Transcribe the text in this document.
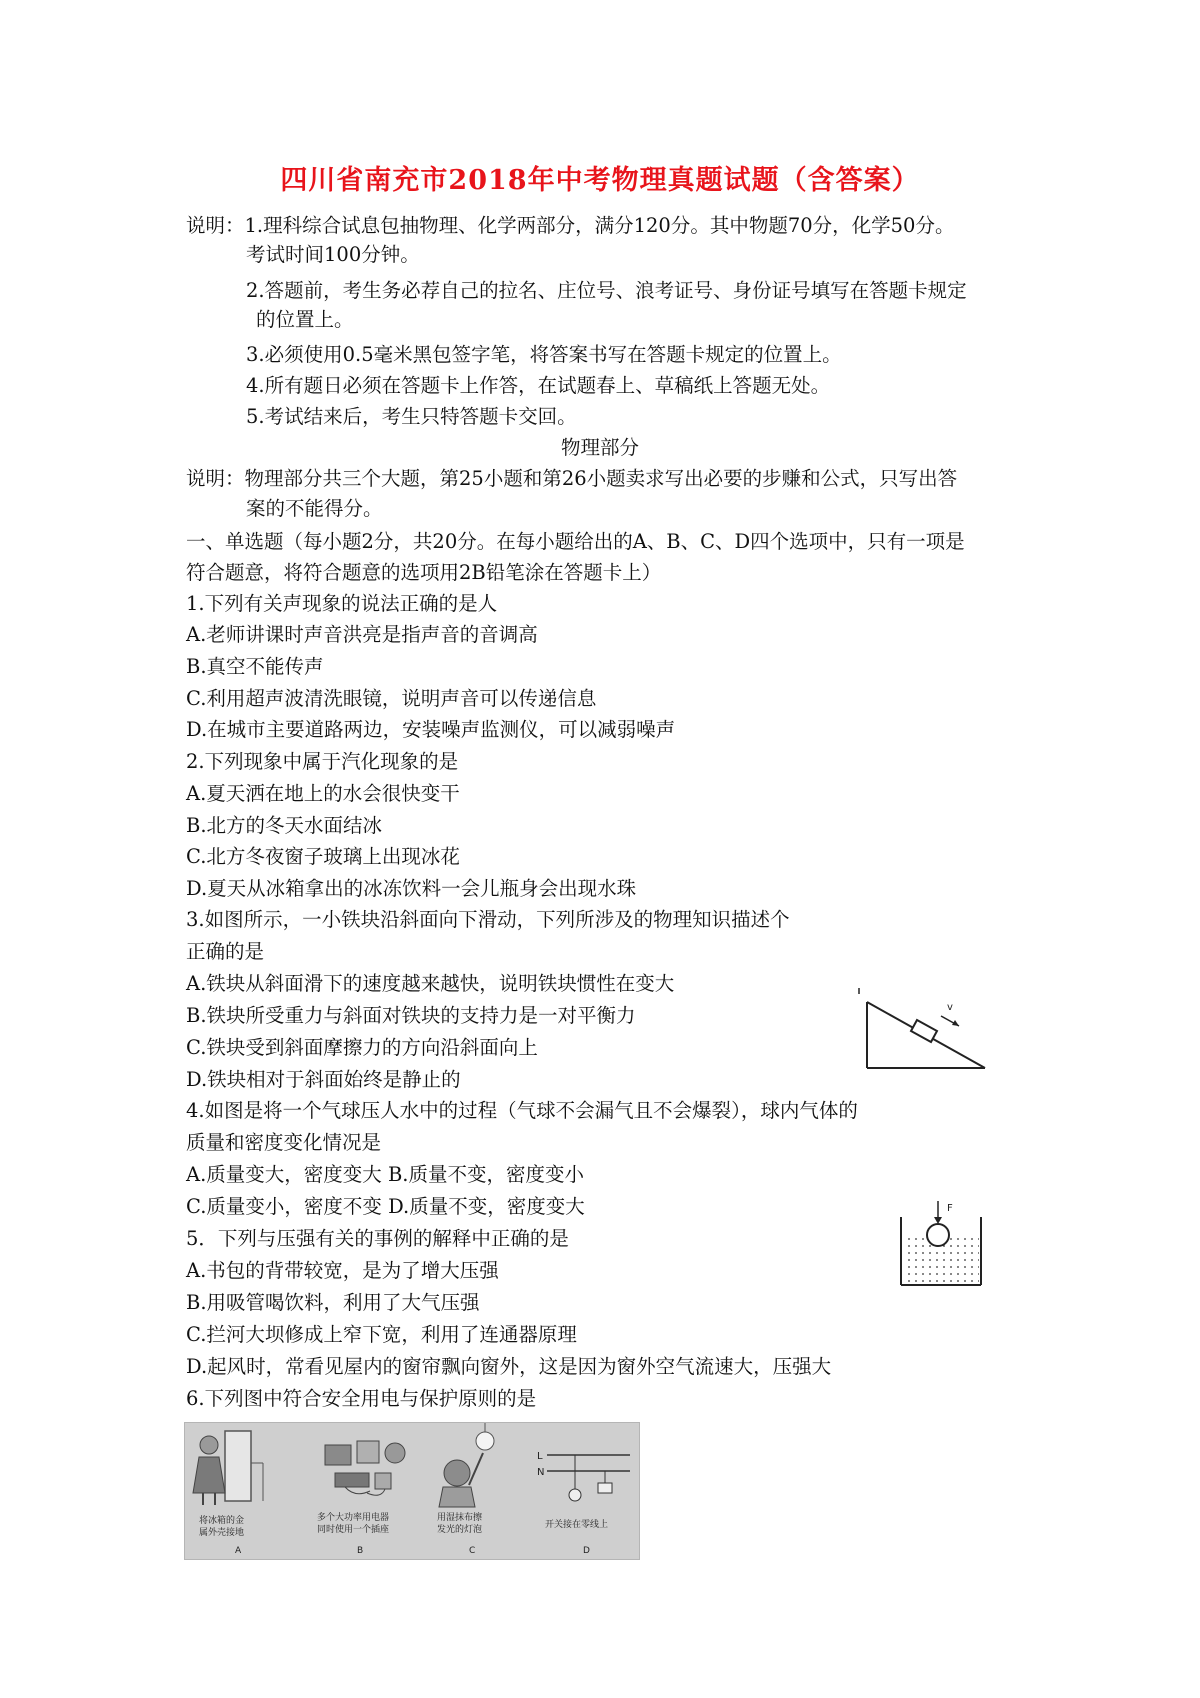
四川省南充市2018年中考物理真题试题（含答案）
说明：1.理科综合试息包抽物理、化学两部分，满分120分。其中物题70分，化学50分。
考试时间100分钟。
2.答题前，考生务必荐自己的拉名、庄位号、浪考证号、身份证号填写在答题卡规定
的位置上。
3.必须使用0.5毫米黑包签字笔，将答案书写在答题卡规定的位置上。
4.所有题日必须在答题卡上作答，在试题春上、草稿纸上答题无处。
5.考试结来后，考生只特答题卡交回。
物理部分
说明：物理部分共三个大题，第25小题和第26小题卖求写出必要的步赚和公式，只写出答
案的不能得分。
一、单选题（每小题2分，共20分。在每小题给出的A、B、C、D四个选项中，只有一项是
符合题意，将符合题意的选项用2B铅笔涂在答题卡上）
1.下列有关声现象的说法正确的是人
A.老师讲课时声音洪亮是指声音的音调高
B.真空不能传声
C.利用超声波清洗眼镜，说明声音可以传递信息
D.在城市主要道路两边，安装噪声监测仪，可以减弱噪声
2.下列现象中属于汽化现象的是
A.夏天洒在地上的水会很快变干
B.北方的冬天水面结冰
C.北方冬夜窗子玻璃上出现冰花
D.夏天从冰箱拿出的冰冻饮料一会儿瓶身会出现水珠
3.如图所示，一小铁块沿斜面向下滑动，下列所涉及的物理知识描述个
正确的是
A.铁块从斜面滑下的速度越来越快，说明铁块惯性在变大
B.铁块所受重力与斜面对铁块的支持力是一对平衡力
C.铁块受到斜面摩擦力的方向沿斜面向上
D.铁块相对于斜面始终是静止的
v
4.如图是将一个气球压人水中的过程（气球不会漏气且不会爆裂），球内气体的
质量和密度变化情况是
A.质量变大，密度变大 B.质量不变，密度变小
C.质量变小，密度不变 D.质量不变，密度变大	F
5．下列与压强有关的事例的解释中正确的是
A.书包的背带较宽，是为了增大压强
B.用吸管喝饮料，利用了大气压强
C.拦河大坝修成上窄下宽，利用了连通器原理
D.起风时，常看见屋内的窗帘飘向窗外，这是因为窗外空气流速大，压强大
6.下列图中符合安全用电与保护原则的是
将冰箱的金
属外壳接地
A
多个大功率用电器
同时使用一个插座
B
用湿抹布擦
发光的灯泡
C
L
N
开关接在零线上
D
